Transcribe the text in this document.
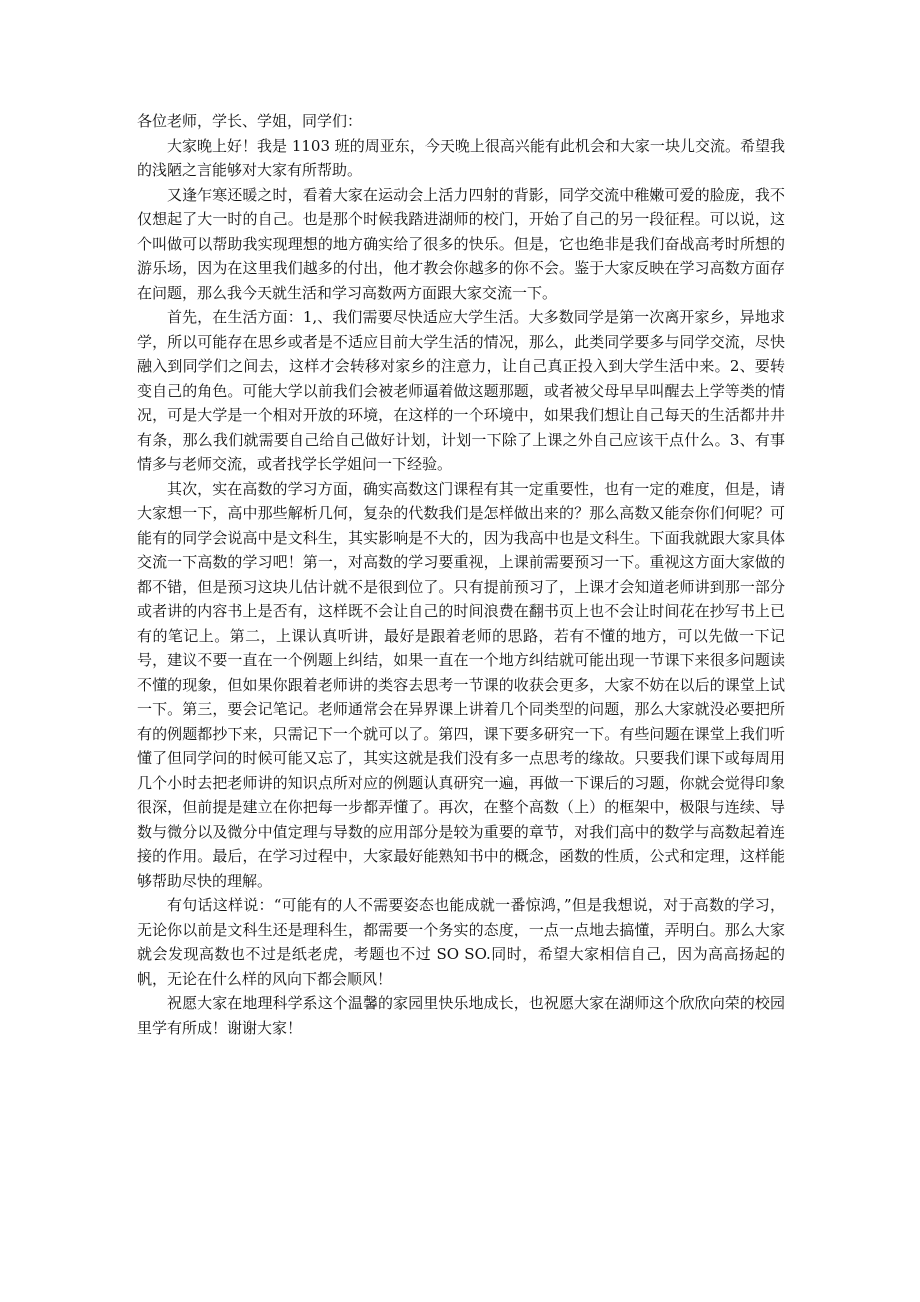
各位老师，学长、学姐，同学们：

大家晚上好！我是 1103 班的周亚东，今天晚上很高兴能有此机会和大家一块儿交流。希望我的浅陋之言能够对大家有所帮助。

又逢乍寒还暖之时，看着大家在运动会上活力四射的背影，同学交流中稚嫩可爱的脸庞，我不仅想起了大一时的自己。也是那个时候我踏进湖师的校门，开始了自己的另一段征程。可以说，这个叫做可以帮助我实现理想的地方确实给了很多的快乐。但是，它也绝非是我们奋战高考时所想的游乐场，因为在这里我们越多的付出，他才教会你越多的你不会。鉴于大家反映在学习高数方面存在问题，那么我今天就生活和学习高数两方面跟大家交流一下。

首先，在生活方面：1,、我们需要尽快适应大学生活。大多数同学是第一次离开家乡，异地求学，所以可能存在思乡或者是不适应目前大学生活的情况，那么，此类同学要多与同学交流，尽快融入到同学们之间去，这样才会转移对家乡的注意力，让自己真正投入到大学生活中来。2、要转变自己的角色。可能大学以前我们会被老师逼着做这题那题，或者被父母早早叫醒去上学等类的情况，可是大学是一个相对开放的环境，在这样的一个环境中，如果我们想让自己每天的生活都井井有条，那么我们就需要自己给自己做好计划，计划一下除了上课之外自己应该干点什么。3、有事情多与老师交流，或者找学长学姐问一下经验。

其次，实在高数的学习方面，确实高数这门课程有其一定重要性，也有一定的难度，但是，请大家想一下，高中那些解析几何，复杂的代数我们是怎样做出来的？那么高数又能奈你们何呢？可能有的同学会说高中是文科生，其实影响是不大的，因为我高中也是文科生。下面我就跟大家具体交流一下高数的学习吧！第一，对高数的学习要重视，上课前需要预习一下。重视这方面大家做的都不错，但是预习这块儿估计就不是很到位了。只有提前预习了，上课才会知道老师讲到那一部分或者讲的内容书上是否有，这样既不会让自己的时间浪费在翻书页上也不会让时间花在抄写书上已有的笔记上。第二，上课认真听讲，最好是跟着老师的思路，若有不懂的地方，可以先做一下记号，建议不要一直在一个例题上纠结，如果一直在一个地方纠结就可能出现一节课下来很多问题读不懂的现象，但如果你跟着老师讲的类容去思考一节课的收获会更多，大家不妨在以后的课堂上试一下。第三，要会记笔记。老师通常会在异界课上讲着几个同类型的问题，那么大家就没必要把所有的例题都抄下来，只需记下一个就可以了。第四，课下要多研究一下。有些问题在课堂上我们听懂了但同学问的时候可能又忘了，其实这就是我们没有多一点思考的缘故。只要我们课下或每周用几个小时去把老师讲的知识点所对应的例题认真研究一遍，再做一下课后的习题，你就会觉得印象很深，但前提是建立在你把每一步都弄懂了。再次，在整个高数（上）的框架中，极限与连续、导数与微分以及微分中值定理与导数的应用部分是较为重要的章节，对我们高中的数学与高数起着连接的作用。最后，在学习过程中，大家最好能熟知书中的概念，函数的性质，公式和定理，这样能够帮助尽快的理解。

有句话这样说：“可能有的人不需要姿态也能成就一番惊鸿，”但是我想说，对于高数的学习，无论你以前是文科生还是理科生，都需要一个务实的态度，一点一点地去搞懂，弄明白。那么大家就会发现高数也不过是纸老虎，考题也不过 SO SO.同时，希望大家相信自己，因为高高扬起的帆，无论在什么样的风向下都会顺风！

祝愿大家在地理科学系这个温馨的家园里快乐地成长，也祝愿大家在湖师这个欣欣向荣的校园里学有所成！谢谢大家！
